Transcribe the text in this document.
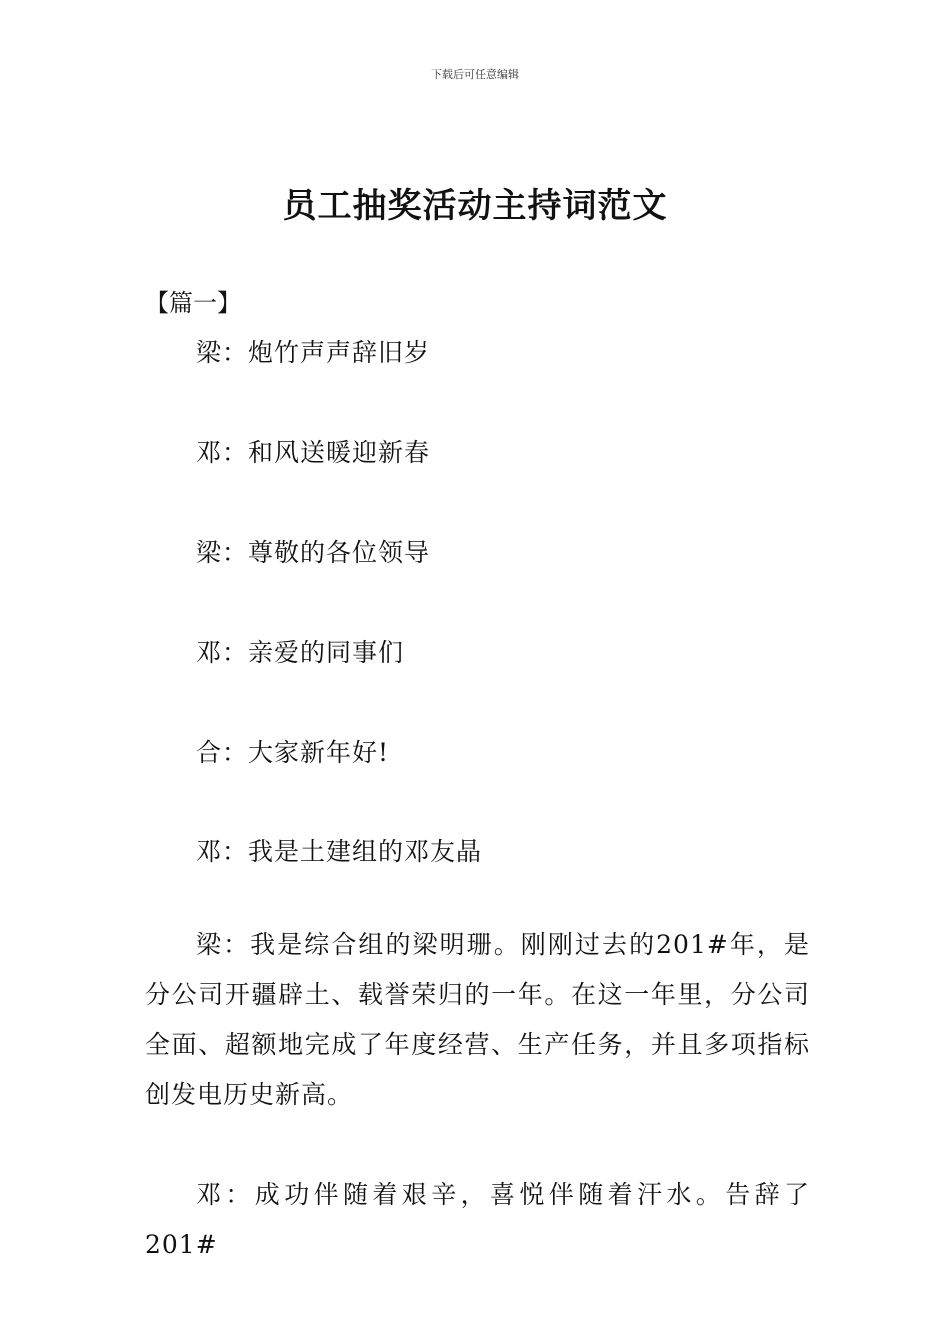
下载后可任意编辑
员工抽奖活动主持词范文
【篇一】
梁：炮竹声声辞旧岁
邓：和风送暖迎新春
梁：尊敬的各位领导
邓：亲爱的同事们
合：大家新年好!
邓：我是土建组的邓友晶
梁：我是综合组的梁明珊。刚刚过去的201#年，是分公司开疆辟土、载誉荣归的一年。在这一年里，分公司全面、超额地完成了年度经营、生产任务，并且多项指标创发电历史新高。
邓：成功伴随着艰辛，喜悦伴随着汗水。告辞了 201#
